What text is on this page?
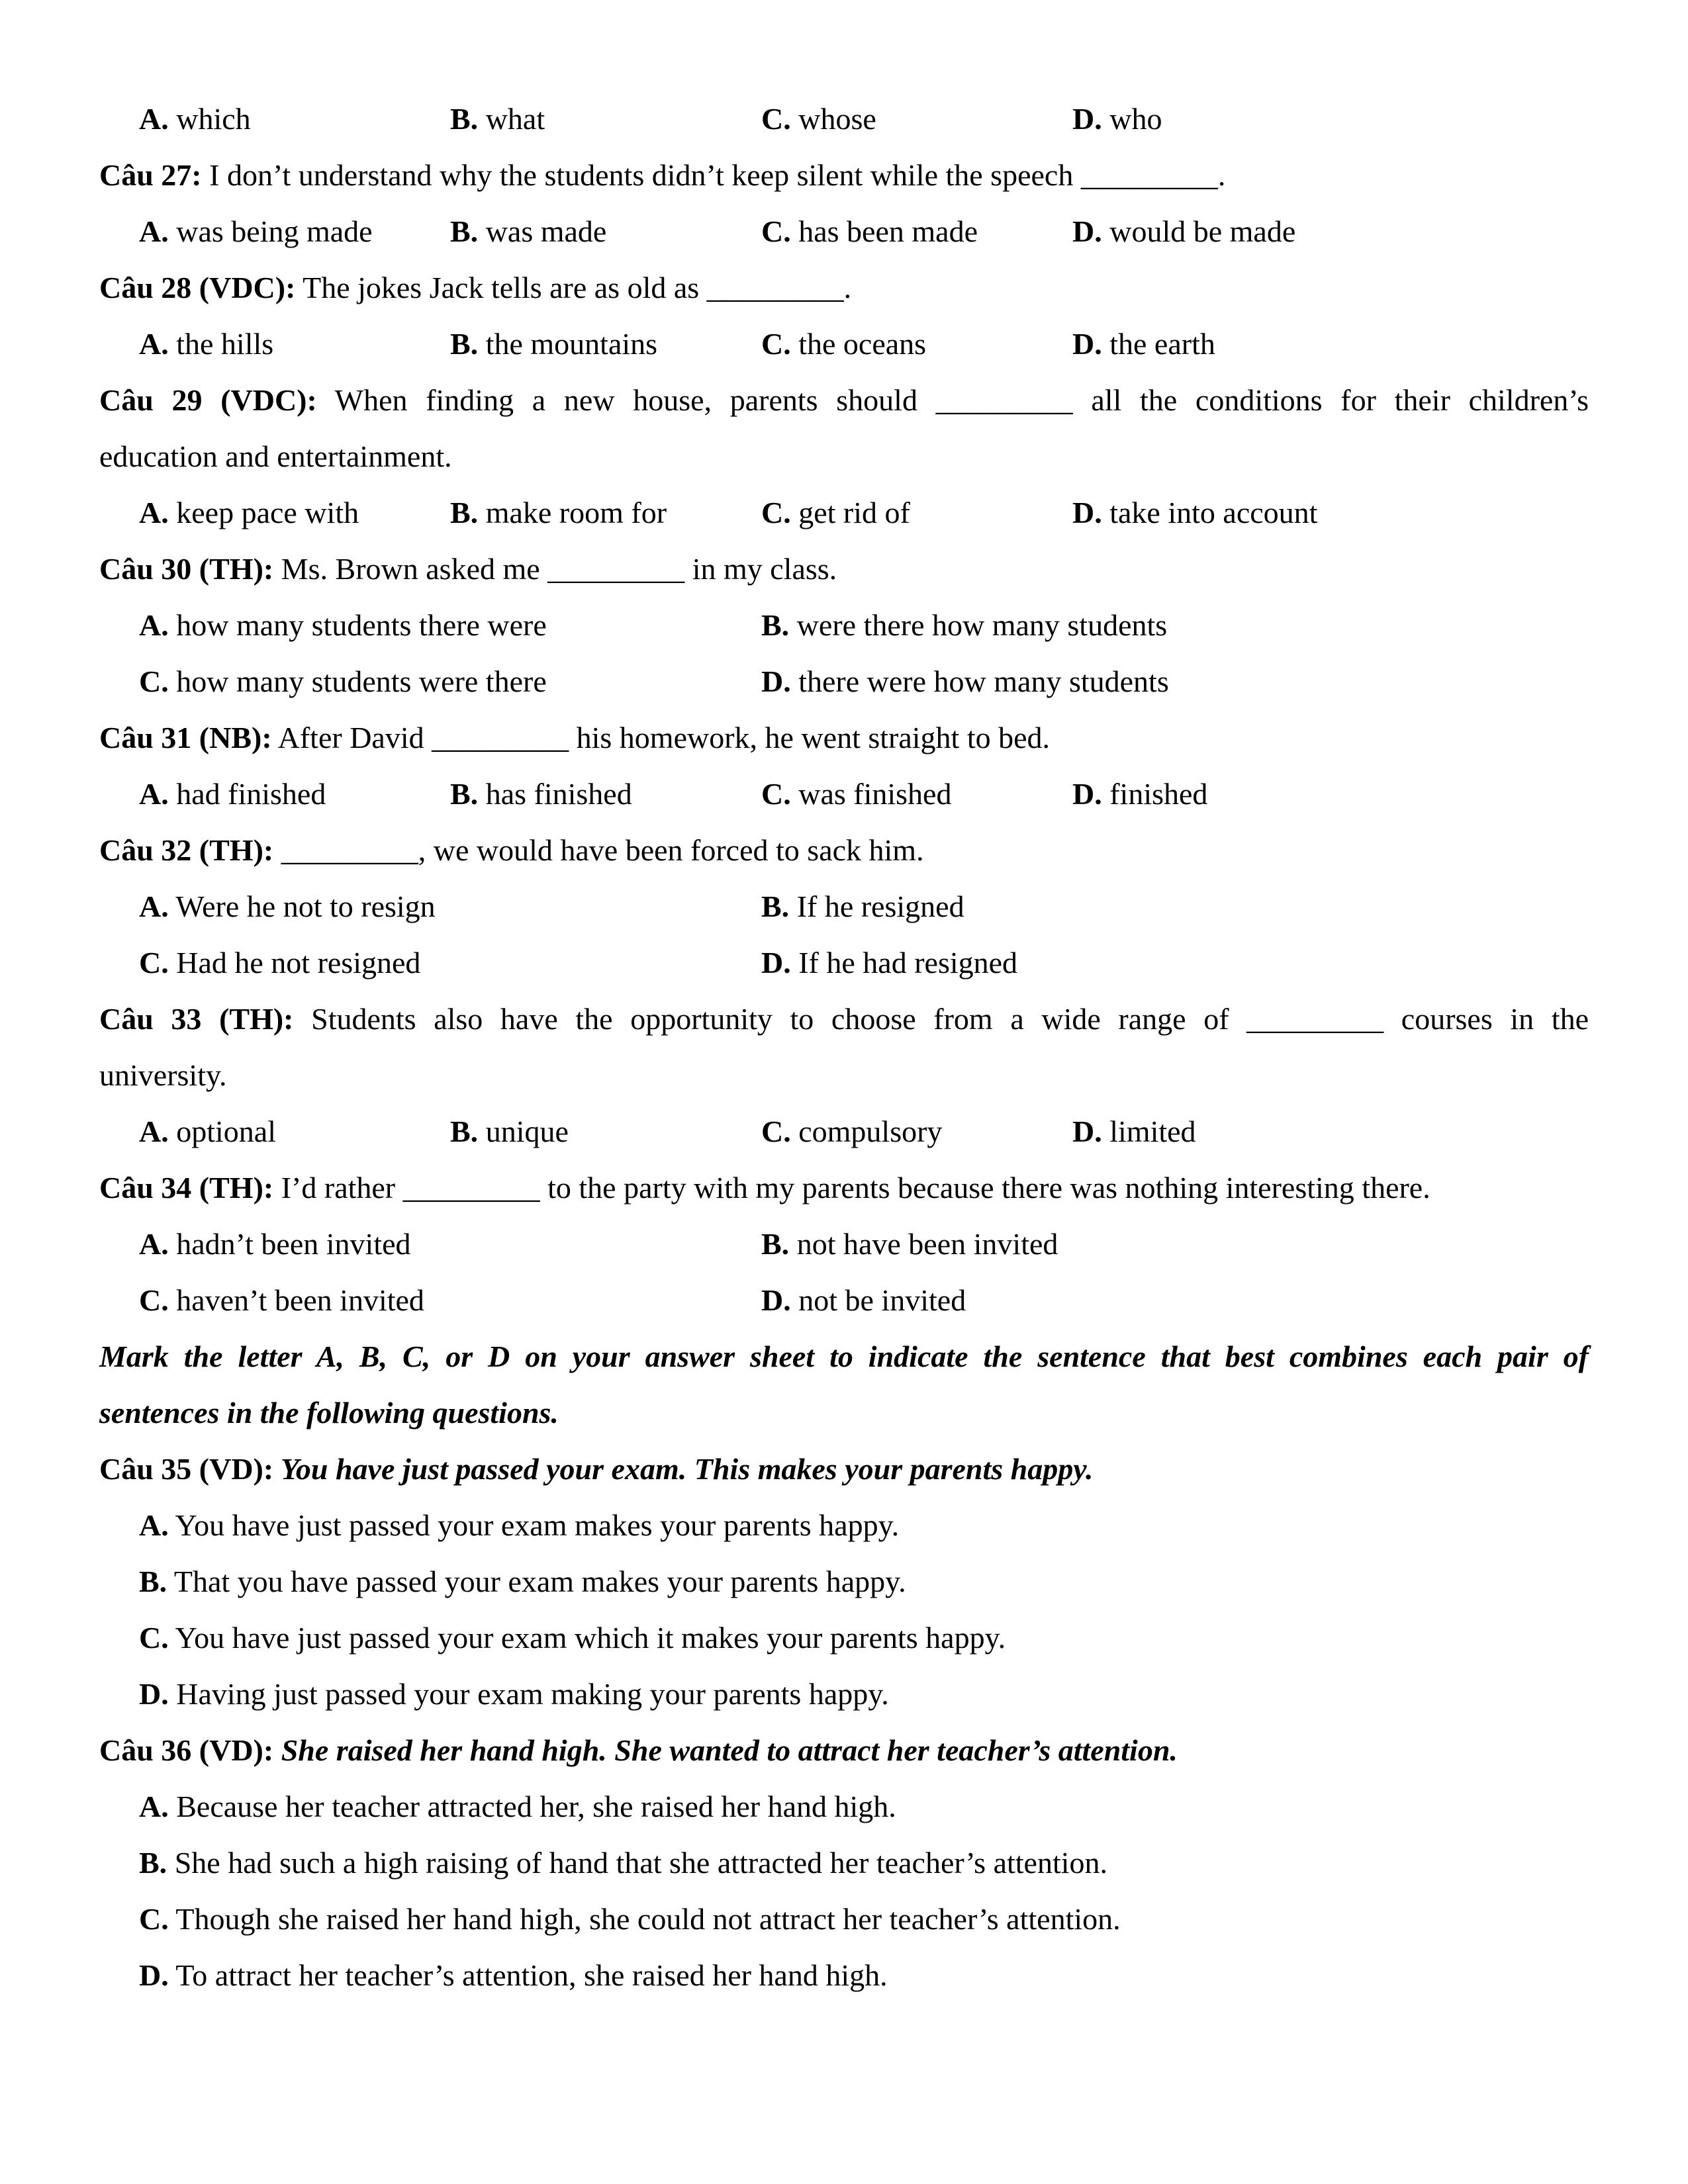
A. which	B. what	C. whose	D. who
Câu 27: I don’t understand why the students didn’t keep silent while the speech _________.
A. was being made	B. was made	C. has been made	D. would be made
Câu 28 (VDC): The jokes Jack tells are as old as _________.
A. the hills	B. the mountains	C. the oceans	D. the earth
Câu 29 (VDC): When finding a new house, parents should _________ all the conditions for their children’s
education and entertainment.
A. keep pace with	B. make room for	C. get rid of	D. take into account
Câu 30 (TH): Ms. Brown asked me _________ in my class.
A. how many students there were	B. were there how many students
C. how many students were there	D. there were how many students
Câu 31 (NB): After David _________ his homework, he went straight to bed.
A. had finished	B. has finished	C. was finished	D. finished
Câu 32 (TH): _________, we would have been forced to sack him.
A. Were he not to resign	B. If he resigned
C. Had he not resigned	D. If he had resigned
Câu 33 (TH): Students also have the opportunity to choose from a wide range of _________ courses in the
university.
A. optional	B. unique	C. compulsory	D. limited
Câu 34 (TH): I’d rather _________ to the party with my parents because there was nothing interesting there.
A. hadn’t been invited	B. not have been invited
C. haven’t been invited	D. not be invited
Mark the letter A, B, C, or D on your answer sheet to indicate the sentence that best combines each pair of
sentences in the following questions.
Câu 35 (VD): You have just passed your exam. This makes your parents happy.
A. You have just passed your exam makes your parents happy.
B. That you have passed your exam makes your parents happy.
C. You have just passed your exam which it makes your parents happy.
D. Having just passed your exam making your parents happy.
Câu 36 (VD): She raised her hand high. She wanted to attract her teacher’s attention.
A. Because her teacher attracted her, she raised her hand high.
B. She had such a high raising of hand that she attracted her teacher’s attention.
C. Though she raised her hand high, she could not attract her teacher’s attention.
D. To attract her teacher’s attention, she raised her hand high.
